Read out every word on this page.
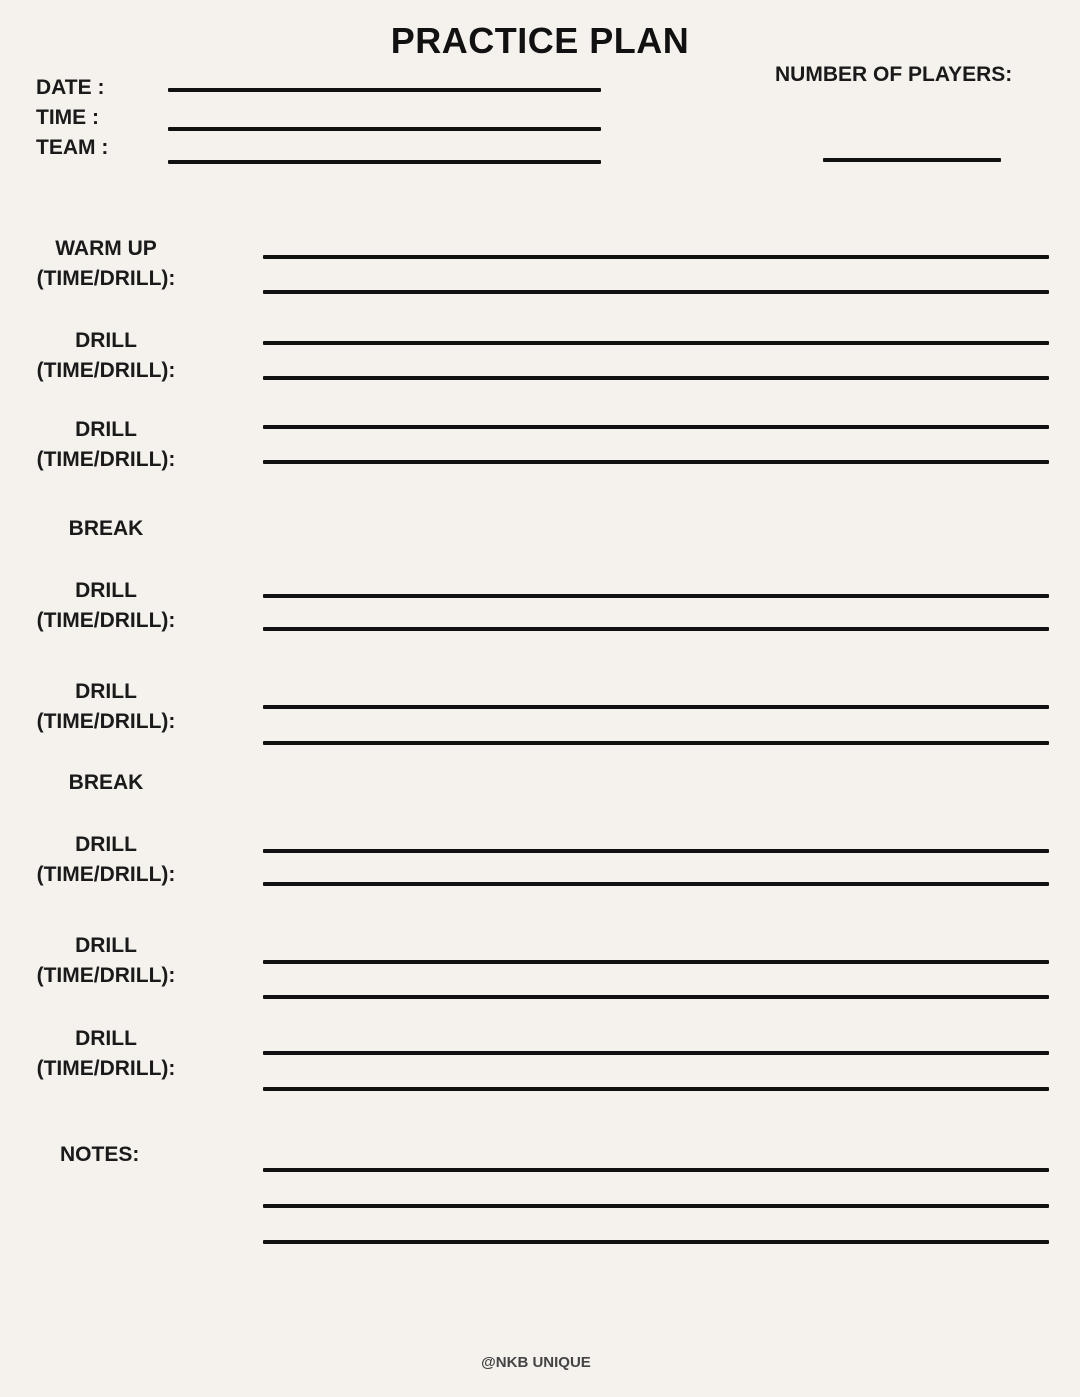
PRACTICE PLAN
DATE :
TIME :
TEAM :
NUMBER OF PLAYERS:
WARM UP
(TIME/DRILL):
DRILL
(TIME/DRILL):
DRILL
(TIME/DRILL):
BREAK
DRILL
(TIME/DRILL):
DRILL
(TIME/DRILL):
BREAK
DRILL
(TIME/DRILL):
DRILL
(TIME/DRILL):
DRILL
(TIME/DRILL):
NOTES:
@NKB UNIQUE
